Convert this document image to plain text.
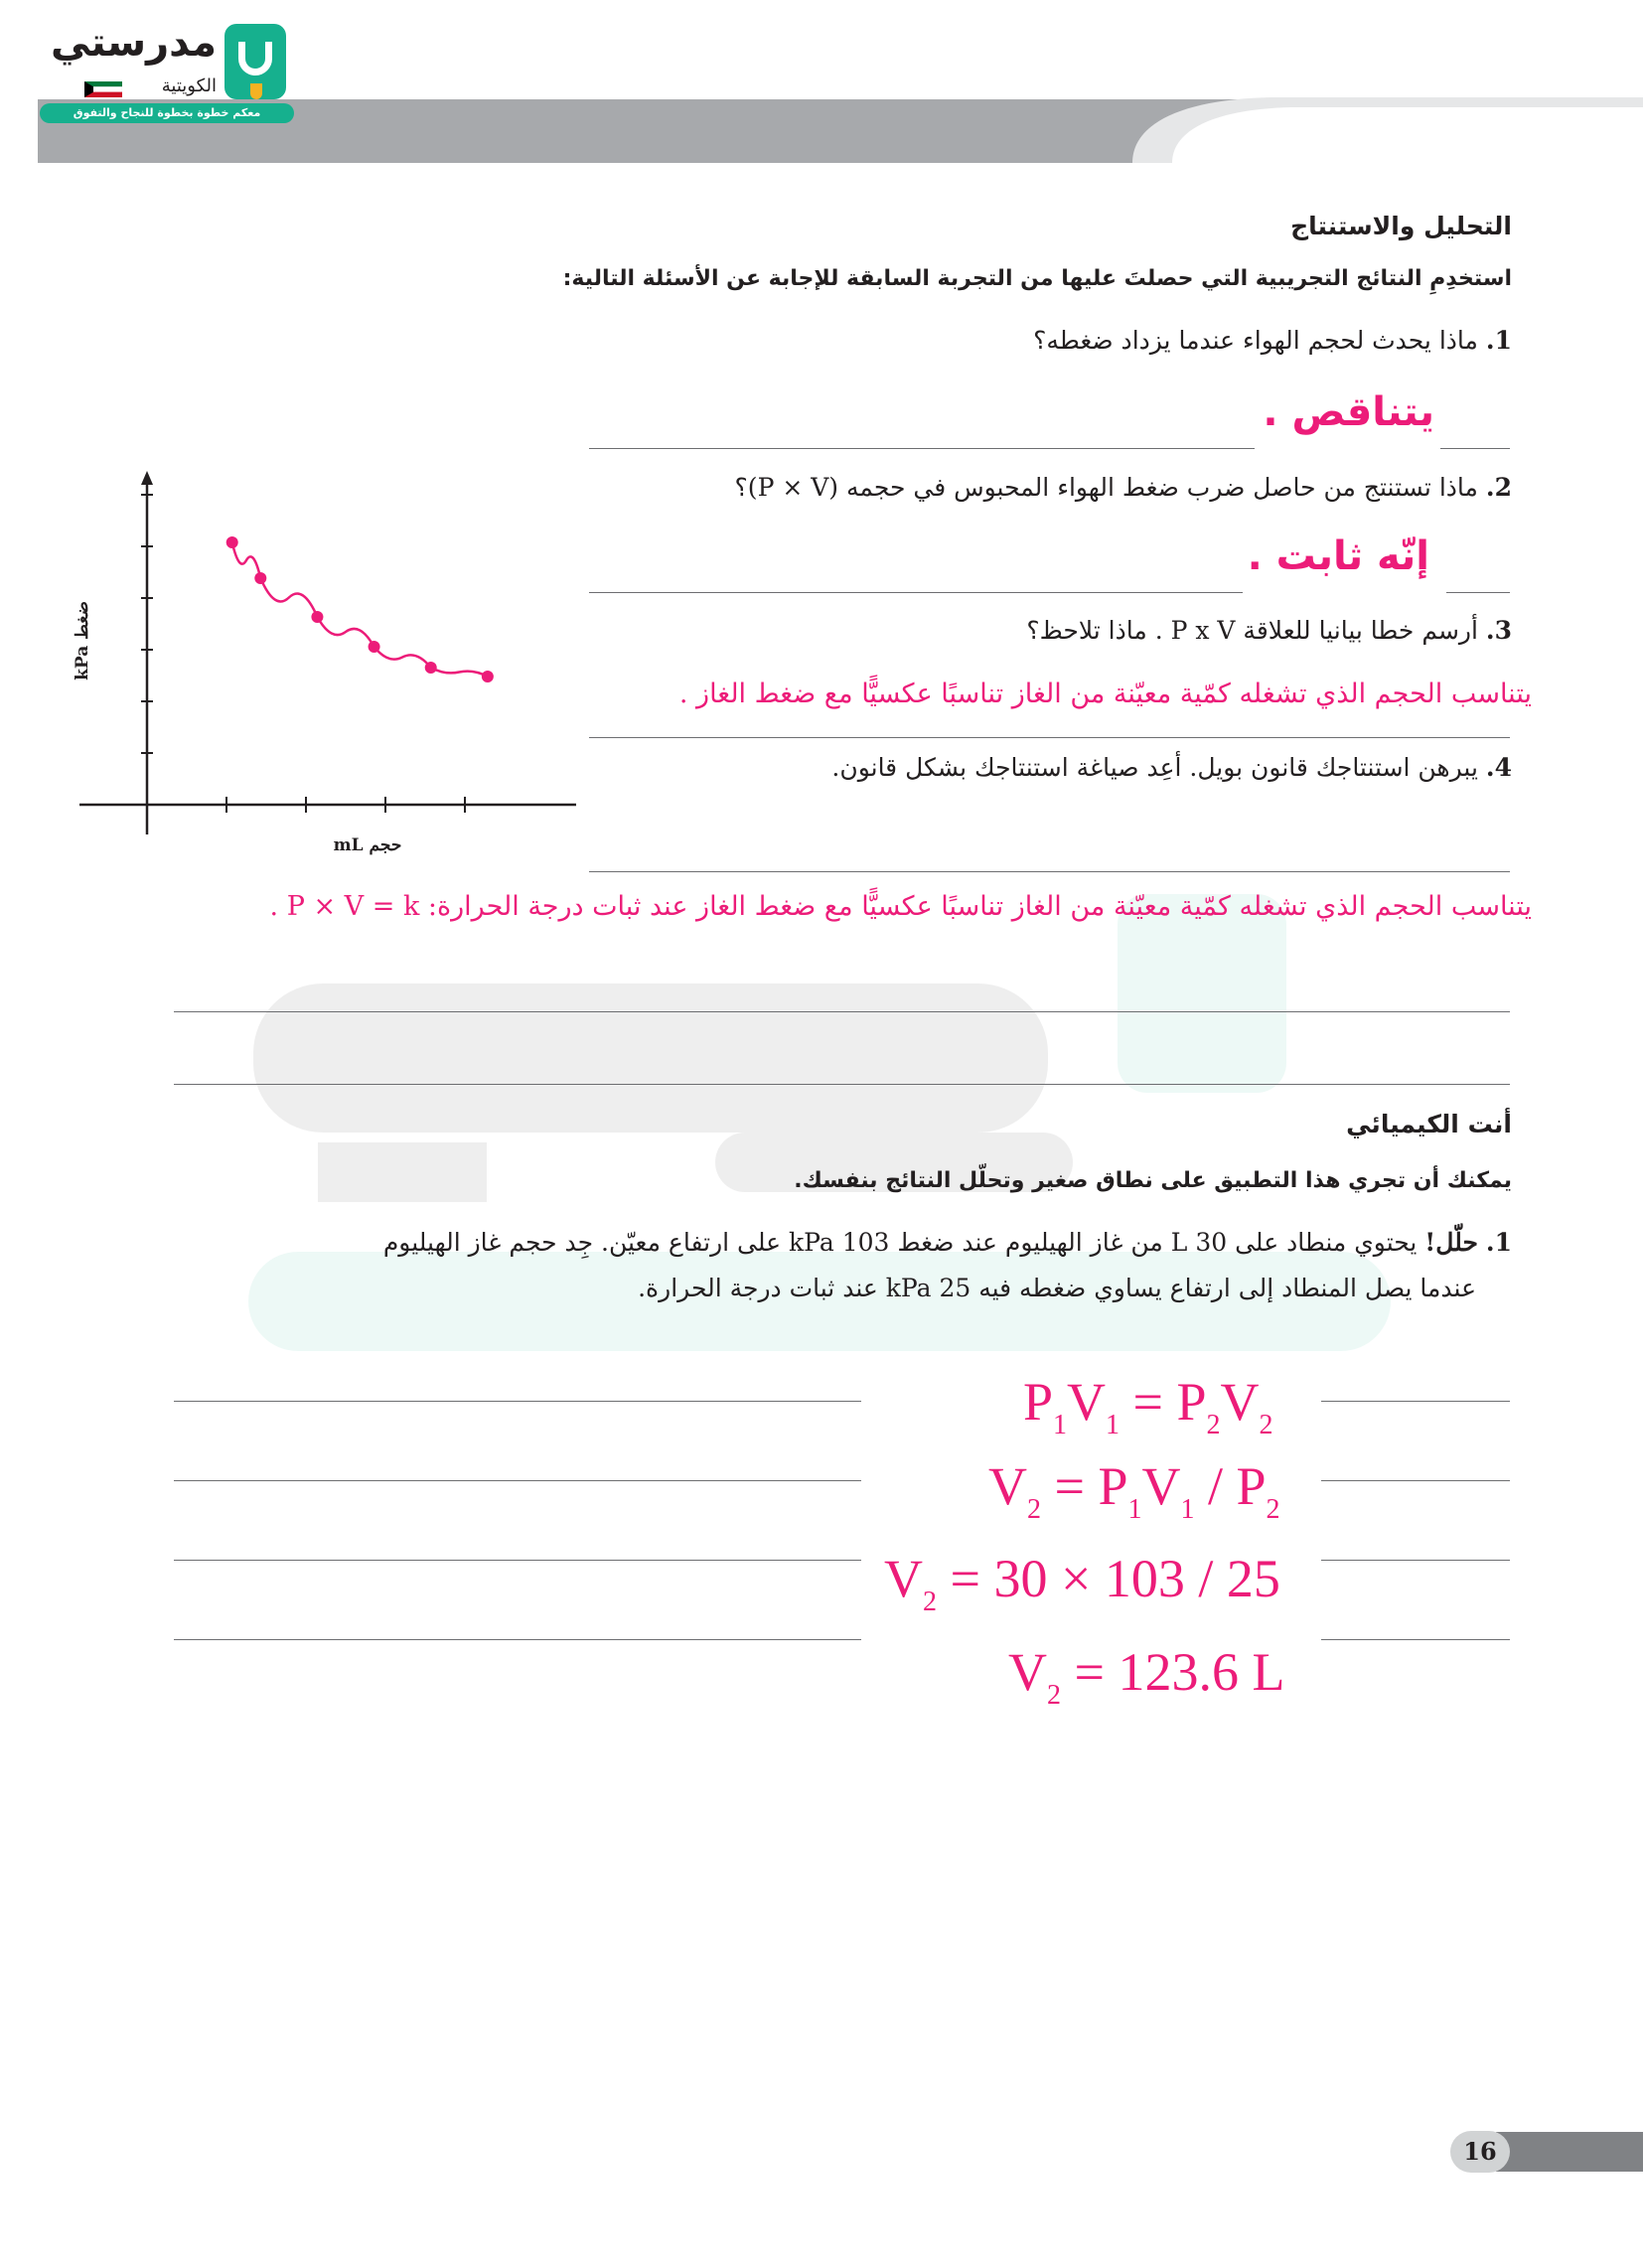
مدرستي
الكويتية
معكم خطوة بخطوة للنجاح والتفوق
التحليل والاستنتاج
استخدِمِ النتائج التجريبية التي حصلتَ عليها من التجربة السابقة للإجابة عن الأسئلة التالية:
1. ماذا يحدث لحجم الهواء عندما يزداد ضغطه؟
يتناقص .
2. ماذا تستنتج من حاصل ضرب ضغط الهواء المحبوس في حجمه (P × V)؟
إنّه ثابت .
3. أرسم خطا بيانيا للعلاقة P x V . ماذا تلاحظ؟
يتناسب الحجم الذي تشغله كمّية معيّنة من الغاز تناسبًا عكسيًّا مع ضغط الغاز .
4. يبرهن استنتاجك قانون بويل. أعِد صياغة استنتاجك بشكل قانون.
يتناسب الحجم الذي تشغله كمّية معيّنة من الغاز تناسبًا عكسيًّا مع ضغط الغاز عند ثبات درجة الحرارة: P × V = k .
ضغط kPa
حجم mL
أنت الكيميائي
يمكنك أن تجري هذا التطبيق على نطاق صغير وتحلّل النتائج بنفسك.
1. حلّل! يحتوي منطاد على L 30 من غاز الهيليوم عند ضغط kPa 103 على ارتفاع معيّن. جِد حجم غاز الهيليوم
عندما يصل المنطاد إلى ارتفاع يساوي ضغطه فيه kPa 25 عند ثبات درجة الحرارة.
$P_1V_1 = P_2V_2$
$V_2 = P_1V_1 / P_2$
$V_2 = 30 \times 103 / 25$
$V_2 = 123.6$ L
16
